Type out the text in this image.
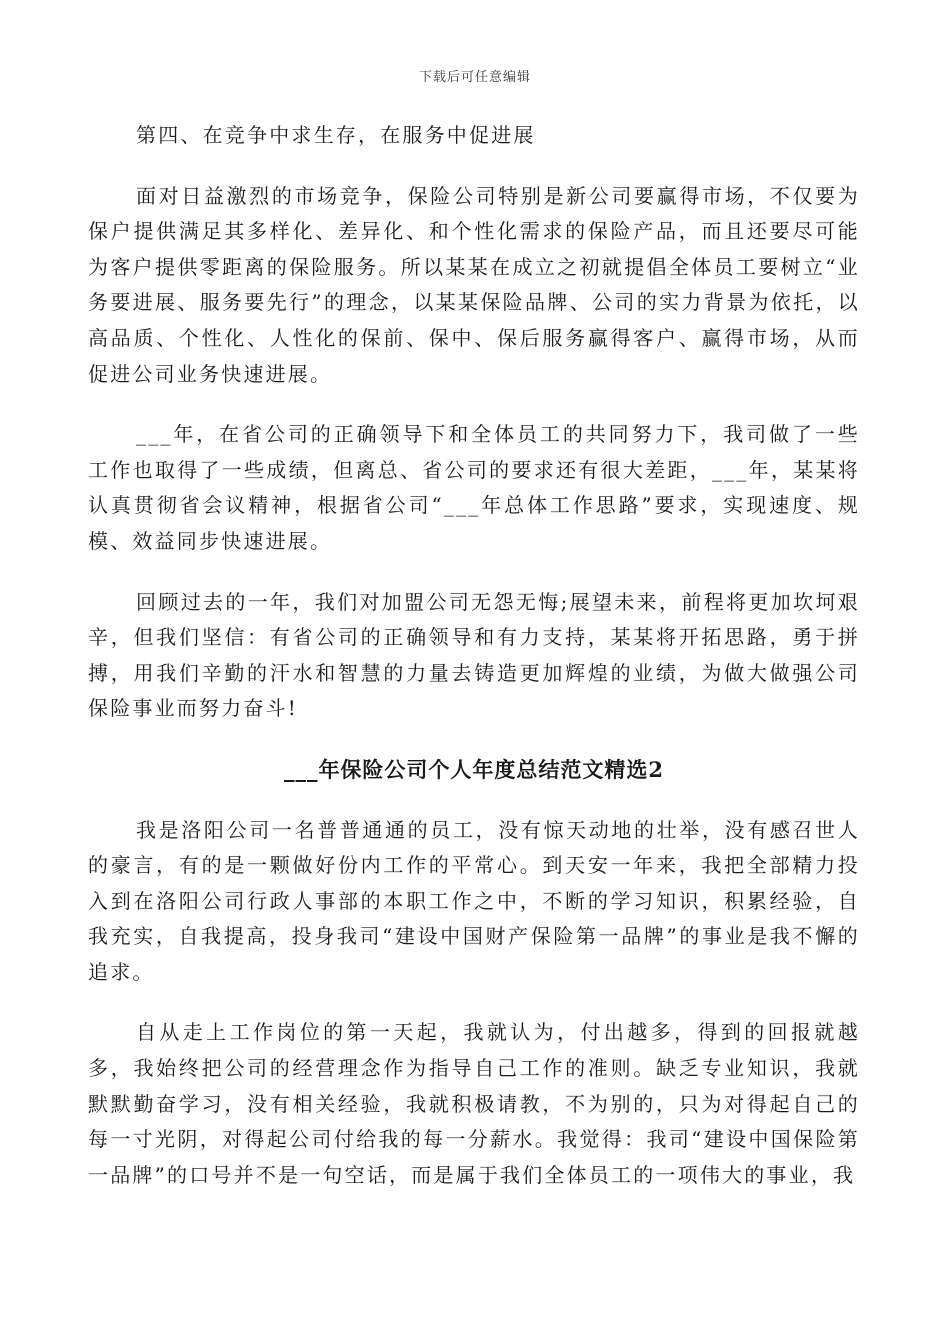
下载后可任意编辑

第四、在竞争中求生存，在服务中促进展

面对日益激烈的市场竞争，保险公司特别是新公司要赢得市场，不仅要为保户提供满足其多样化、差异化、和个性化需求的保险产品，而且还要尽可能为客户提供零距离的保险服务。所以某某在成立之初就提倡全体员工要树立“业务要进展、服务要先行”的理念，以某某保险品牌、公司的实力背景为依托，以高品质、个性化、人性化的保前、保中、保后服务赢得客户、赢得市场，从而促进公司业务快速进展。

___年，在省公司的正确领导下和全体员工的共同努力下，我司做了一些工作也取得了一些成绩，但离总、省公司的要求还有很大差距，___年，某某将认真贯彻省会议精神，根据省公司“___年总体工作思路”要求，实现速度、规模、效益同步快速进展。

回顾过去的一年，我们对加盟公司无怨无悔;展望未来，前程将更加坎坷艰辛，但我们坚信：有省公司的正确领导和有力支持，某某将开拓思路，勇于拼搏，用我们辛勤的汗水和智慧的力量去铸造更加辉煌的业绩，为做大做强公司保险事业而努力奋斗!

___年保险公司个人年度总结范文精选2

我是洛阳公司一名普普通通的员工，没有惊天动地的壮举，没有感召世人的豪言，有的是一颗做好份内工作的平常心。到天安一年来，我把全部精力投入到在洛阳公司行政人事部的本职工作之中，不断的学习知识，积累经验，自我充实，自我提高，投身我司“建设中国财产保险第一品牌”的事业是我不懈的追求。

自从走上工作岗位的第一天起，我就认为，付出越多，得到的回报就越多，我始终把公司的经营理念作为指导自己工作的准则。缺乏专业知识，我就默默勤奋学习，没有相关经验，我就积极请教，不为别的，只为对得起自己的每一寸光阴，对得起公司付给我的每一分薪水。我觉得：我司“建设中国保险第一品牌”的口号并不是一句空话，而是属于我们全体员工的一项伟大的事业，我
